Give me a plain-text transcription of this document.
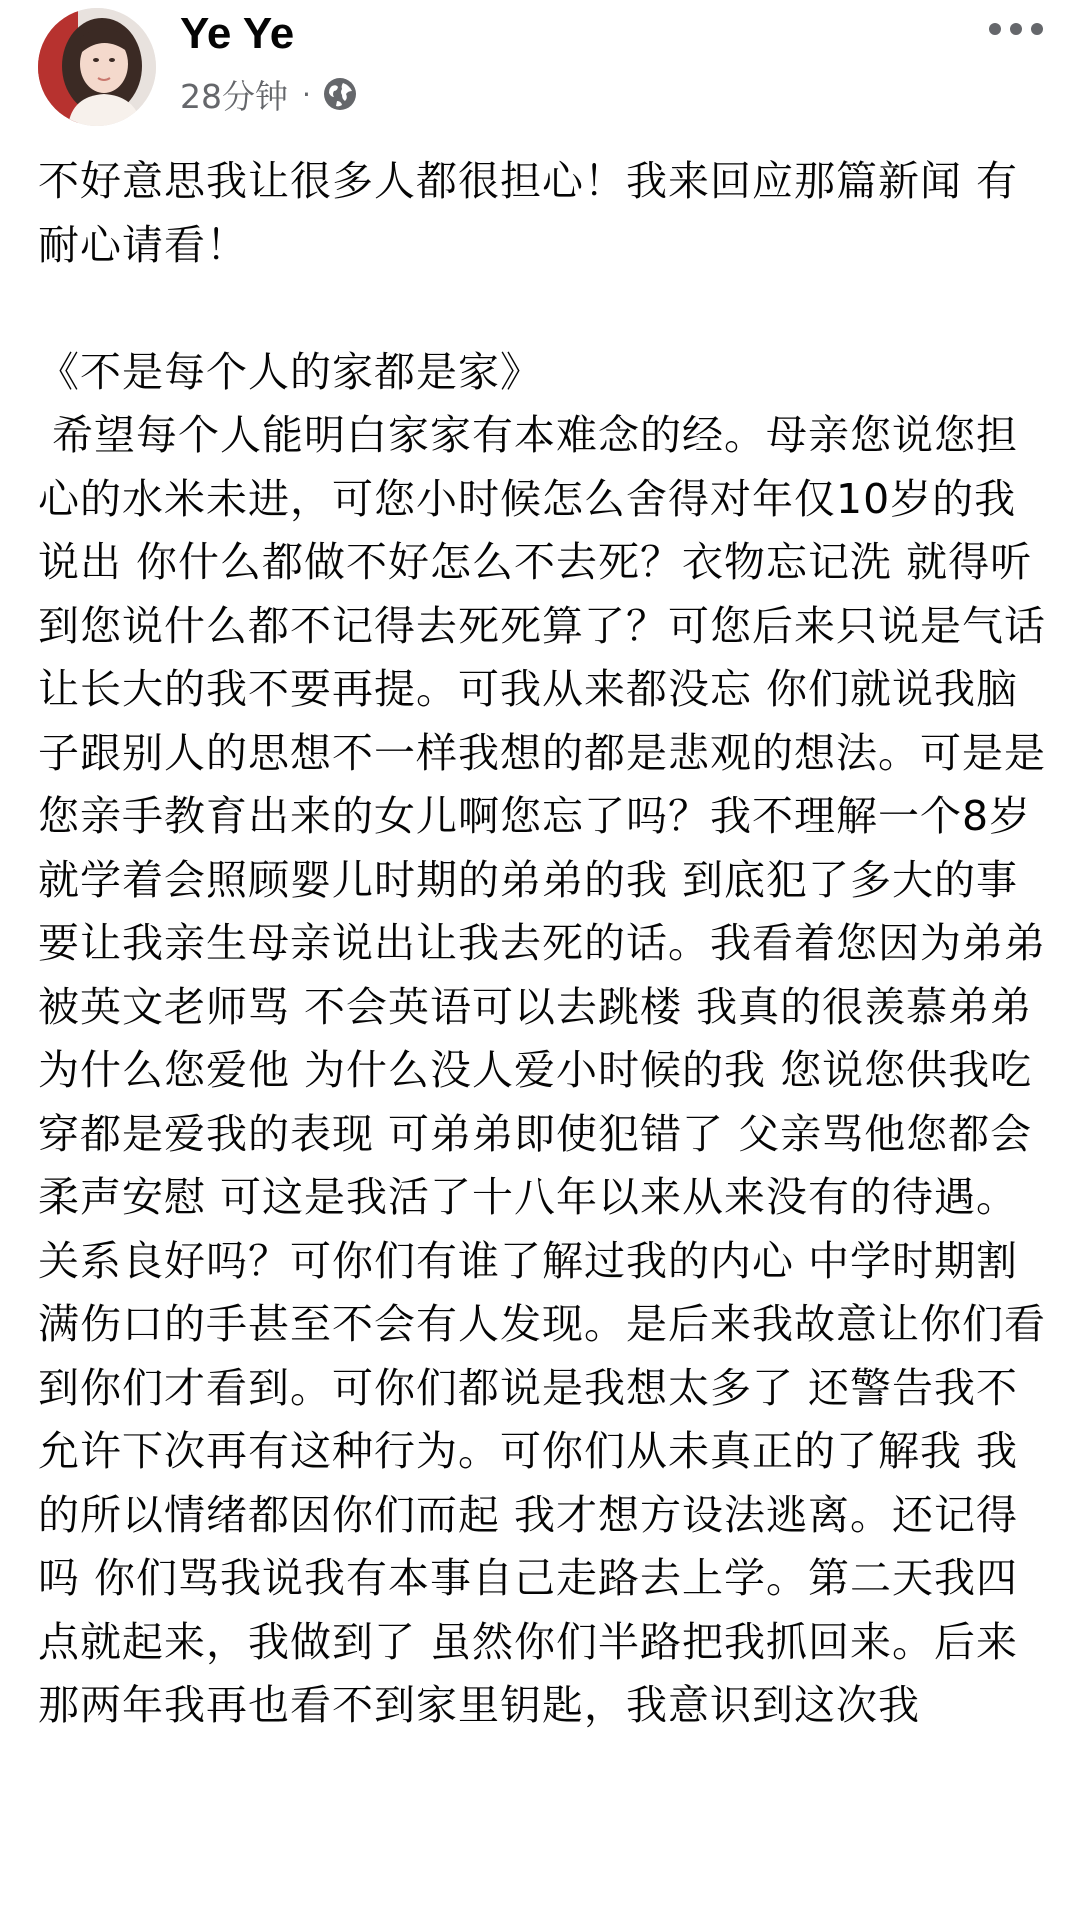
Ye Ye
28分钟 ·

不好意思我让很多人都很担心！我来回应那篇新闻 有耐心请看！

《不是每个人的家都是家》

希望每个人能明白家家有本难念的经。母亲您说您担心的水米未进，可您小时候怎么舍得对年仅10岁的我说出 你什么都做不好怎么不去死？衣物忘记洗 就得听到您说什么都不记得去死死算了？可您后来只说是气话 让长大的我不要再提。可我从来都没忘 你们就说我脑子跟别人的思想不一样我想的都是悲观的想法。可是是您亲手教育出来的女儿啊您忘了吗？我不理解一个8岁就学着会照顾婴儿时期的弟弟的我 到底犯了多大的事 要让我亲生母亲说出让我去死的话。我看着您因为弟弟被英文老师骂 不会英语可以去跳楼 我真的很羡慕弟弟 为什么您爱他 为什么没人爱小时候的我 您说您供我吃穿都是爱我的表现 可弟弟即使犯错了 父亲骂他您都会柔声安慰 可这是我活了十八年以来从来没有的待遇。关系良好吗？可你们有谁了解过我的内心 中学时期割满伤口的手甚至不会有人发现。是后来我故意让你们看到你们才看到。可你们都说是我想太多了 还警告我不允许下次再有这种行为。可你们从未真正的了解我 我的所以情绪都因你们而起 我才想方设法逃离。还记得吗 你们骂我说我有本事自己走路去上学。第二天我四点就起来，我做到了 虽然你们半路把我抓回来。后来那两年我再也看不到家里钥匙，我意识到这次我
